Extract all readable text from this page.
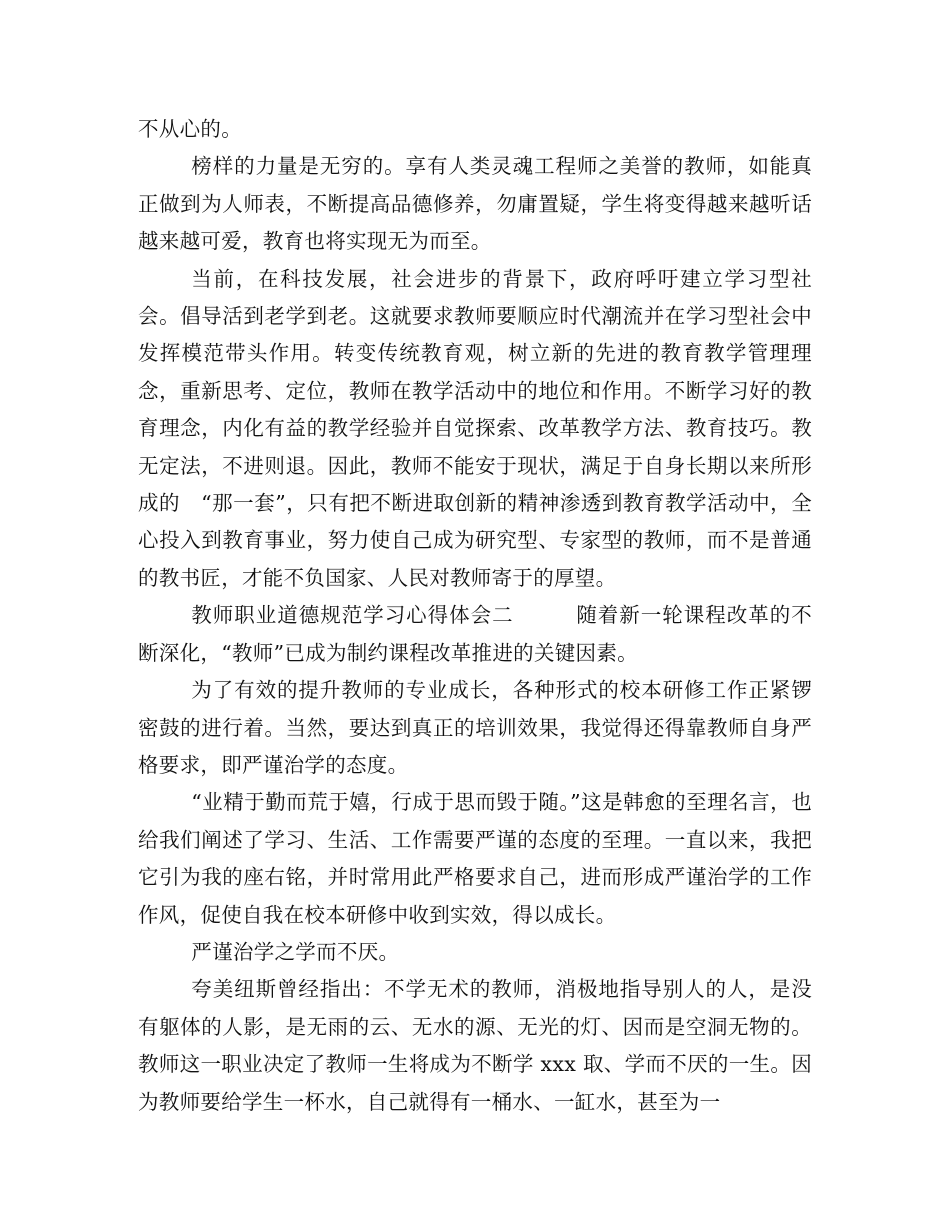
不从心的。

榜样的力量是无穷的。享有人类灵魂工程师之美誉的教师，如能真正做到为人师表，不断提高品德修养，勿庸置疑，学生将变得越来越听话越来越可爱，教育也将实现无为而至。

当前，在科技发展，社会进步的背景下，政府呼吁建立学习型社会。倡导活到老学到老。这就要求教师要顺应时代潮流并在学习型社会中发挥模范带头作用。转变传统教育观，树立新的先进的教育教学管理理念，重新思考、定位，教师在教学活动中的地位和作用。不断学习好的教育理念，内化有益的教学经验并自觉探索、改革教学方法、教育技巧。教无定法，不进则退。因此，教师不能安于现状，满足于自身长期以来所形成的　“那一套”，只有把不断进取创新的精神渗透到教育教学活动中，全心投入到教育事业，努力使自己成为研究型、专家型的教师，而不是普通的教书匠，才能不负国家、人民对教师寄于的厚望。

教师职业道德规范学习心得体会二	随着新一轮课程改革的不断深化，“教师”已成为制约课程改革推进的关键因素。

为了有效的提升教师的专业成长，各种形式的校本研修工作正紧锣密鼓的进行着。当然，要达到真正的培训效果，我觉得还得靠教师自身严格要求，即严谨治学的态度。

“业精于勤而荒于嬉，行成于思而毁于随。”这是韩愈的至理名言，也给我们阐述了学习、生活、工作需要严谨的态度的至理。一直以来，我把它引为我的座右铭，并时常用此严格要求自己，进而形成严谨治学的工作作风，促使自我在校本研修中收到实效，得以成长。

严谨治学之学而不厌。

夸美纽斯曾经指出：不学无术的教师，消极地指导别人的人，是没有躯体的人影，是无雨的云、无水的源、无光的灯、因而是空洞无物的。教师这一职业决定了教师一生将成为不断学 xxx 取、学而不厌的一生。因为教师要给学生一杯水，自己就得有一桶水、一缸水，甚至为一
